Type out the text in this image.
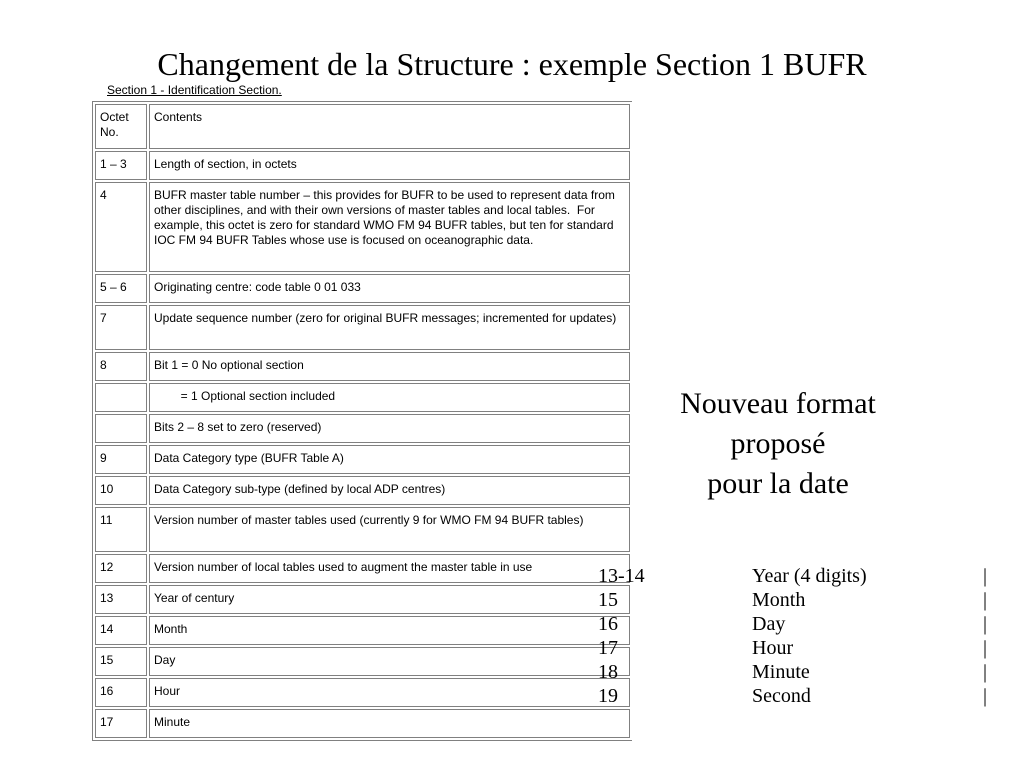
Changement de la Structure : exemple Section 1 BUFR
Section 1 - Identification Section.
Octet
No.	Contents
1 – 3	Length of section, in octets
4	BUFR master table number – this provides for BUFR to be used to represent data from other disciplines, and with their own versions of master tables and local tables.  For example, this octet is zero for standard WMO FM 94 BUFR tables, but ten for standard IOC FM 94 BUFR Tables whose use is focused on oceanographic data.
5 – 6	Originating centre: code table 0 01 033
7	Update sequence number (zero for original BUFR messages; incremented for updates)
8	Bit 1 = 0 No optional section
	= 1 Optional section included
	Bits 2 – 8 set to zero (reserved)
9	Data Category type (BUFR Table A)
10	Data Category sub-type (defined by local ADP centres)
11	Version number of master tables used (currently 9 for WMO FM 94 BUFR tables)
12	Version number of local tables used to augment the master table in use
13	Year of century
14	Month
15	Day
16	Hour
17	Minute
Nouveau format
proposé
pour la date
13-14	Year (4 digits)	|
15	Month	|
16	Day	|
17	Hour	|
18	Minute	|
19	Second	|
